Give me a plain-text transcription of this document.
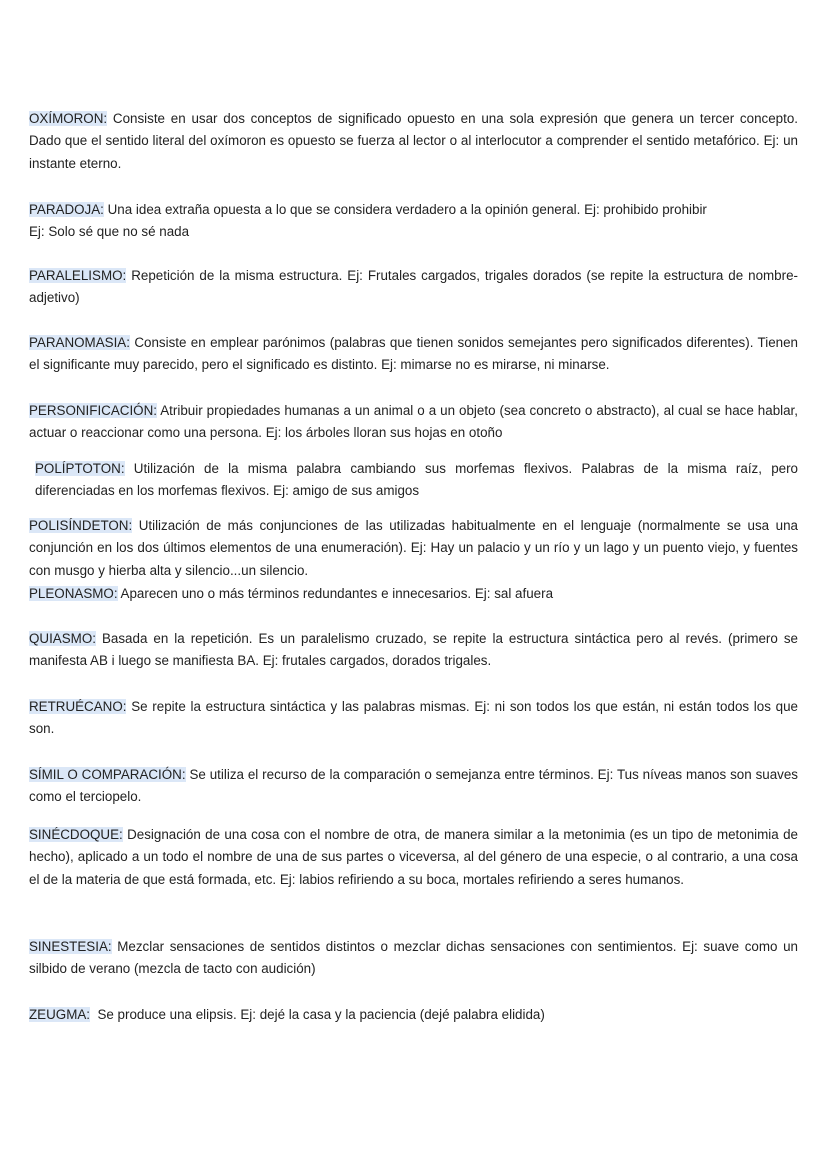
OXÍMORON: Consiste en usar dos conceptos de significado opuesto en una sola expresión que genera un tercer concepto. Dado que el sentido literal del oxímoron es opuesto se fuerza al lector o al interlocutor a comprender el sentido metafórico. Ej: un instante eterno.

PARADOJA: Una idea extraña opuesta a lo que se considera verdadero a la opinión general. Ej: prohibido prohibir
Ej: Solo sé que no sé nada

PARALELISMO: Repetición de la misma estructura. Ej: Frutales cargados, trigales dorados (se repite la estructura de nombre-adjetivo)

PARANOMASIA: Consiste en emplear parónimos (palabras que tienen sonidos semejantes pero significados diferentes). Tienen el significante muy parecido, pero el significado es distinto. Ej: mimarse no es mirarse, ni minarse.

PERSONIFICACIÓN: Atribuir propiedades humanas a un animal o a un objeto (sea concreto o abstracto), al cual se hace hablar, actuar o reaccionar como una persona. Ej: los árboles lloran sus hojas en otoño

POLÍPTOTON: Utilización de la misma palabra cambiando sus morfemas flexivos. Palabras de la misma raíz, pero diferenciadas en los morfemas flexivos. Ej: amigo de sus amigos

POLISÍNDETON: Utilización de más conjunciones de las utilizadas habitualmente en el lenguaje (normalmente se usa una conjunción en los dos últimos elementos de una enumeración). Ej: Hay un palacio y un río y un lago y un puento viejo, y fuentes con musgo y hierba alta y silencio...un silencio.

PLEONASMO: Aparecen uno o más términos redundantes e innecesarios. Ej: sal afuera

QUIASMO: Basada en la repetición. Es un paralelismo cruzado, se repite la estructura sintáctica pero al revés. (primero se manifesta AB i luego se manifiesta BA. Ej: frutales cargados, dorados trigales.

RETRUÉCANO: Se repite la estructura sintáctica y las palabras mismas. Ej: ni son todos los que están, ni están todos los que son.

SÍMIL O COMPARACIÓN: Se utiliza el recurso de la comparación o semejanza entre términos. Ej: Tus níveas manos son suaves como el terciopelo.

SINÉCDOQUE: Designación de una cosa con el nombre de otra, de manera similar a la metonimia (es un tipo de metonimia de hecho), aplicado a un todo el nombre de una de sus partes o viceversa, al del género de una especie, o al contrario, a una cosa el de la materia de que está formada, etc. Ej: labios refiriendo a su boca, mortales refiriendo a seres humanos.

SINESTESIA: Mezclar sensaciones de sentidos distintos o mezclar dichas sensaciones con sentimientos. Ej: suave como un silbido de verano (mezcla de tacto con audición)

ZEUGMA:  Se produce una elipsis. Ej: dejé la casa y la paciencia (dejé palabra elidida)
